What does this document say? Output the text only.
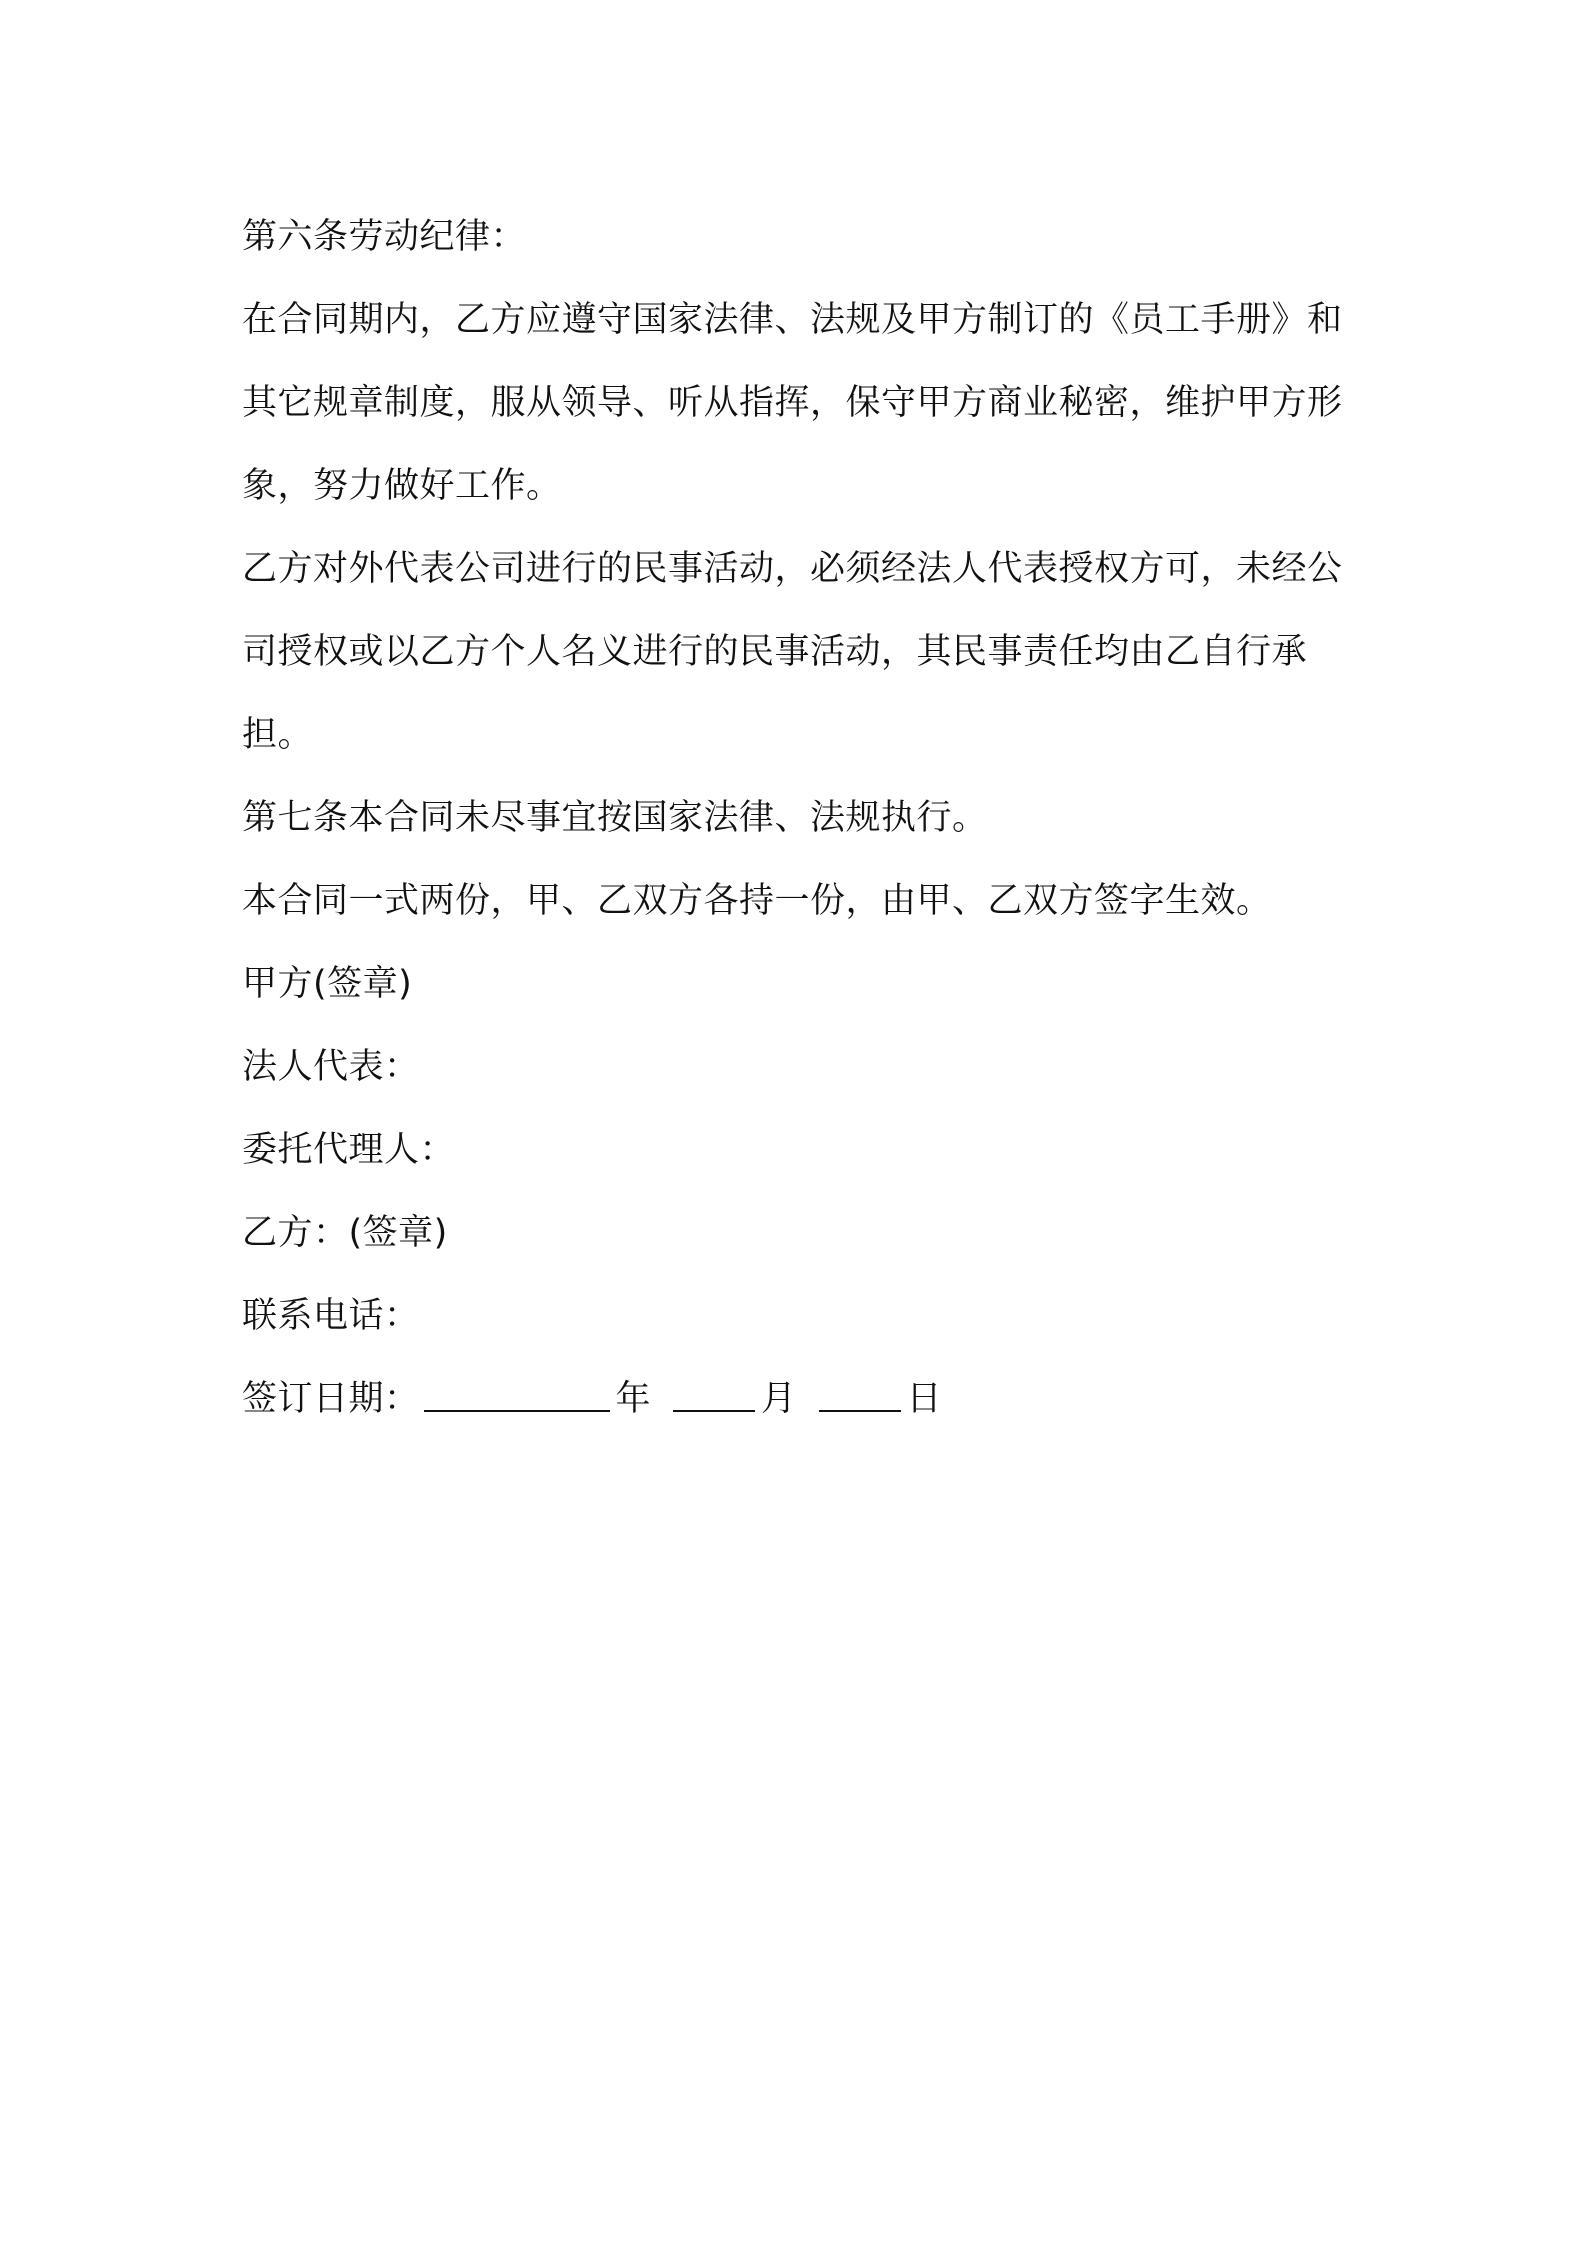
第六条劳动纪律：

在合同期内，乙方应遵守国家法律、法规及甲方制订的《员工手册》和其它规章制度，服从领导、听从指挥，保守甲方商业秘密，维护甲方形象，努力做好工作。

乙方对外代表公司进行的民事活动，必须经法人代表授权方可，未经公司授权或以乙方个人名义进行的民事活动，其民事责任均由乙自行承担。

第七条本合同未尽事宜按国家法律、法规执行。

本合同一式两份，甲、乙双方各持一份，由甲、乙双方签字生效。

甲方(签章)

法人代表：

委托代理人：

乙方：(签章)

联系电话：

签订日期：	年	月	日
